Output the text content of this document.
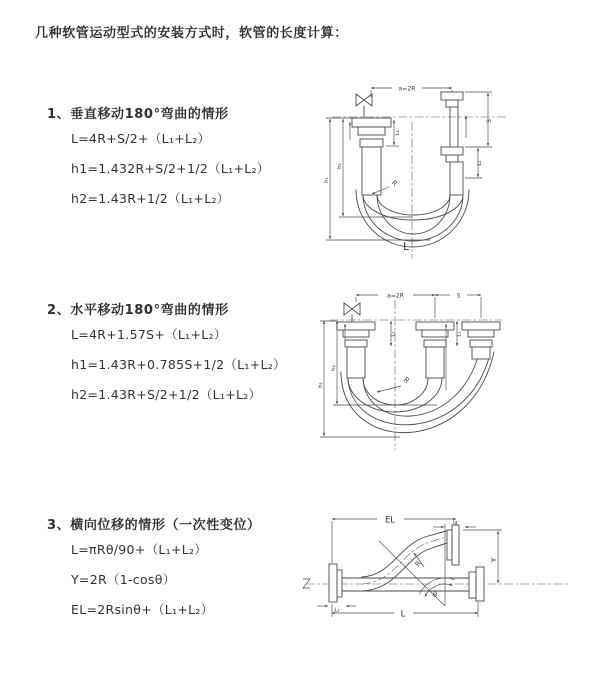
几种软管运动型式的安装方式时，软管的长度计算：
1、垂直移动180°弯曲的情形
L=4R+S/2+（L₁+L₂）
h1=1.432R+S/2+1/2（L₁+L₂）
h2=1.43R+1/2（L₁+L₂）
2、水平移动180°弯曲的情形
L=4R+1.57S+（L₁+L₂）
h1=1.43R+0.785S+1/2（L₁+L₂）
h2=1.43R+S/2+1/2（L₁+L₂）
3、横向位移的情形（一次性变位）
L=πRθ/90+（L₁+L₂）
Y=2R（1-cosθ）
EL=2Rsinθ+（L₁+L₂）
a=2R
L₁
h₂
h₁
S
L₁
R
L
a=2R	S
L₁	L₁
h₂
h₁	R
θ
EL	L₁
Y
L
L₁
R
